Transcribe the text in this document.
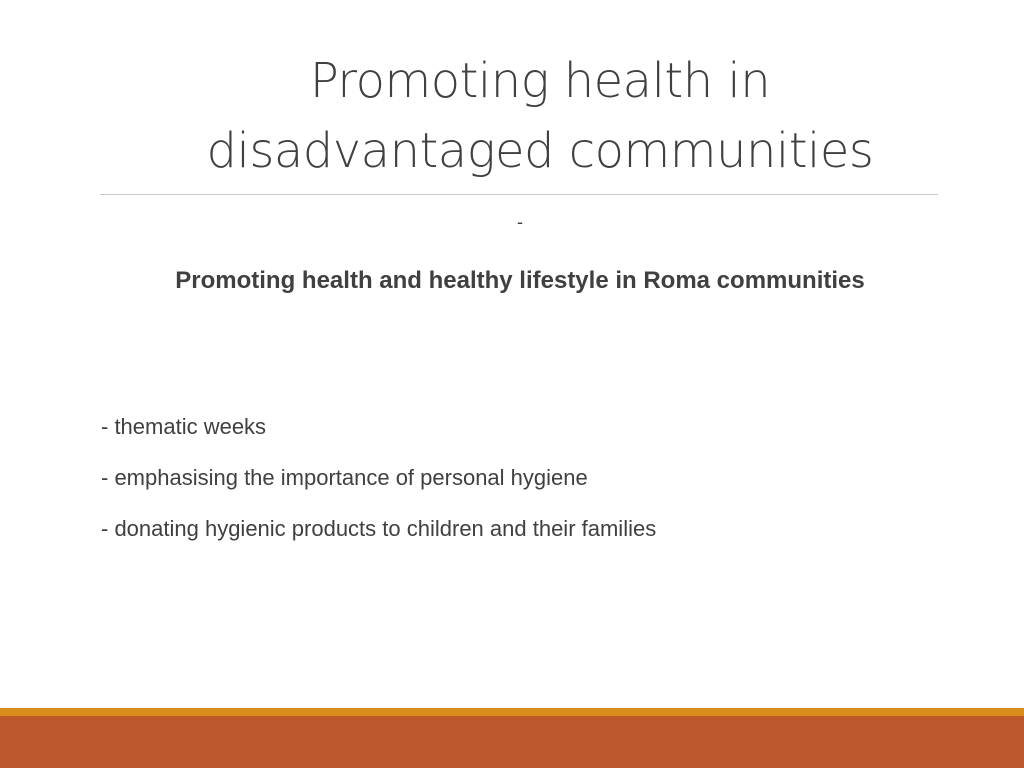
Promoting health in
disadvantaged communities
-
Promoting health and healthy lifestyle in Roma communities
- thematic weeks
- emphasising the importance of personal hygiene
- donating hygienic products to children and their families
